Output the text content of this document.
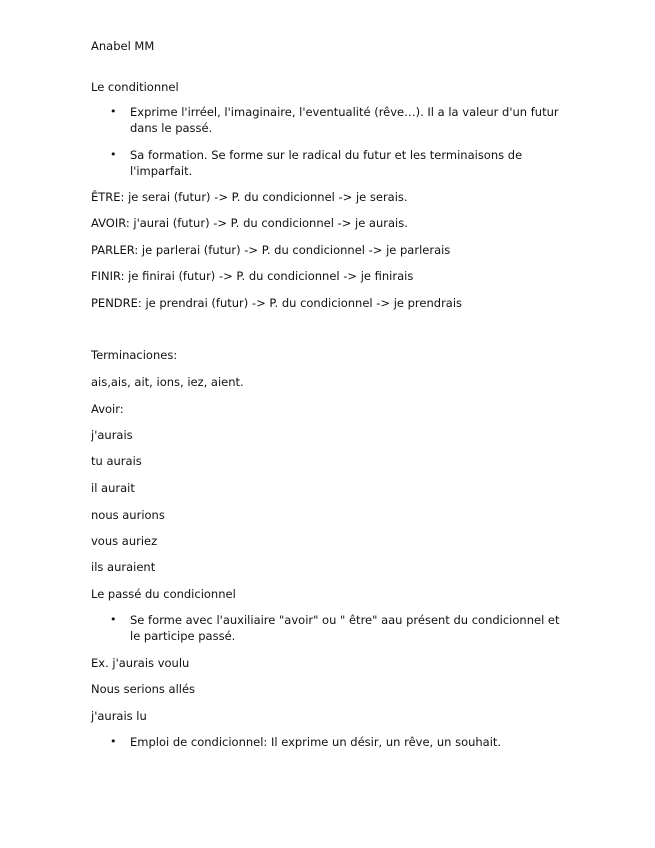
Anabel MM
Le conditionnel
• Exprime l'irréel, l'imaginaire, l'eventualité (rêve…). Il a la valeur d'un futur dans le passé.
• Sa formation. Se forme sur le radical du futur et les terminaisons de l'imparfait.
ÊTRE: je serai (futur) -> P. du condicionnel -> je serais.
AVOIR: j'aurai (futur) -> P. du condicionnel -> je aurais.
PARLER: je parlerai (futur) -> P. du condicionnel -> je parlerais
FINIR: je finirai (futur) -> P. du condicionnel -> je finirais
PENDRE: je prendrai (futur) -> P. du condicionnel -> je prendrais
Terminaciones:
ais,ais, ait, ions, iez, aient.
Avoir:
j'aurais
tu aurais
il aurait
nous aurions
vous auriez
ils auraient
Le passé du condicionnel
• Se forme avec l'auxiliaire "avoir" ou " être" aau présent du condicionnel et le participe passé.
Ex. j'aurais voulu
Nous serions allés
j'aurais lu
• Emploi de condicionnel: Il exprime un désir, un rêve, un souhait.
